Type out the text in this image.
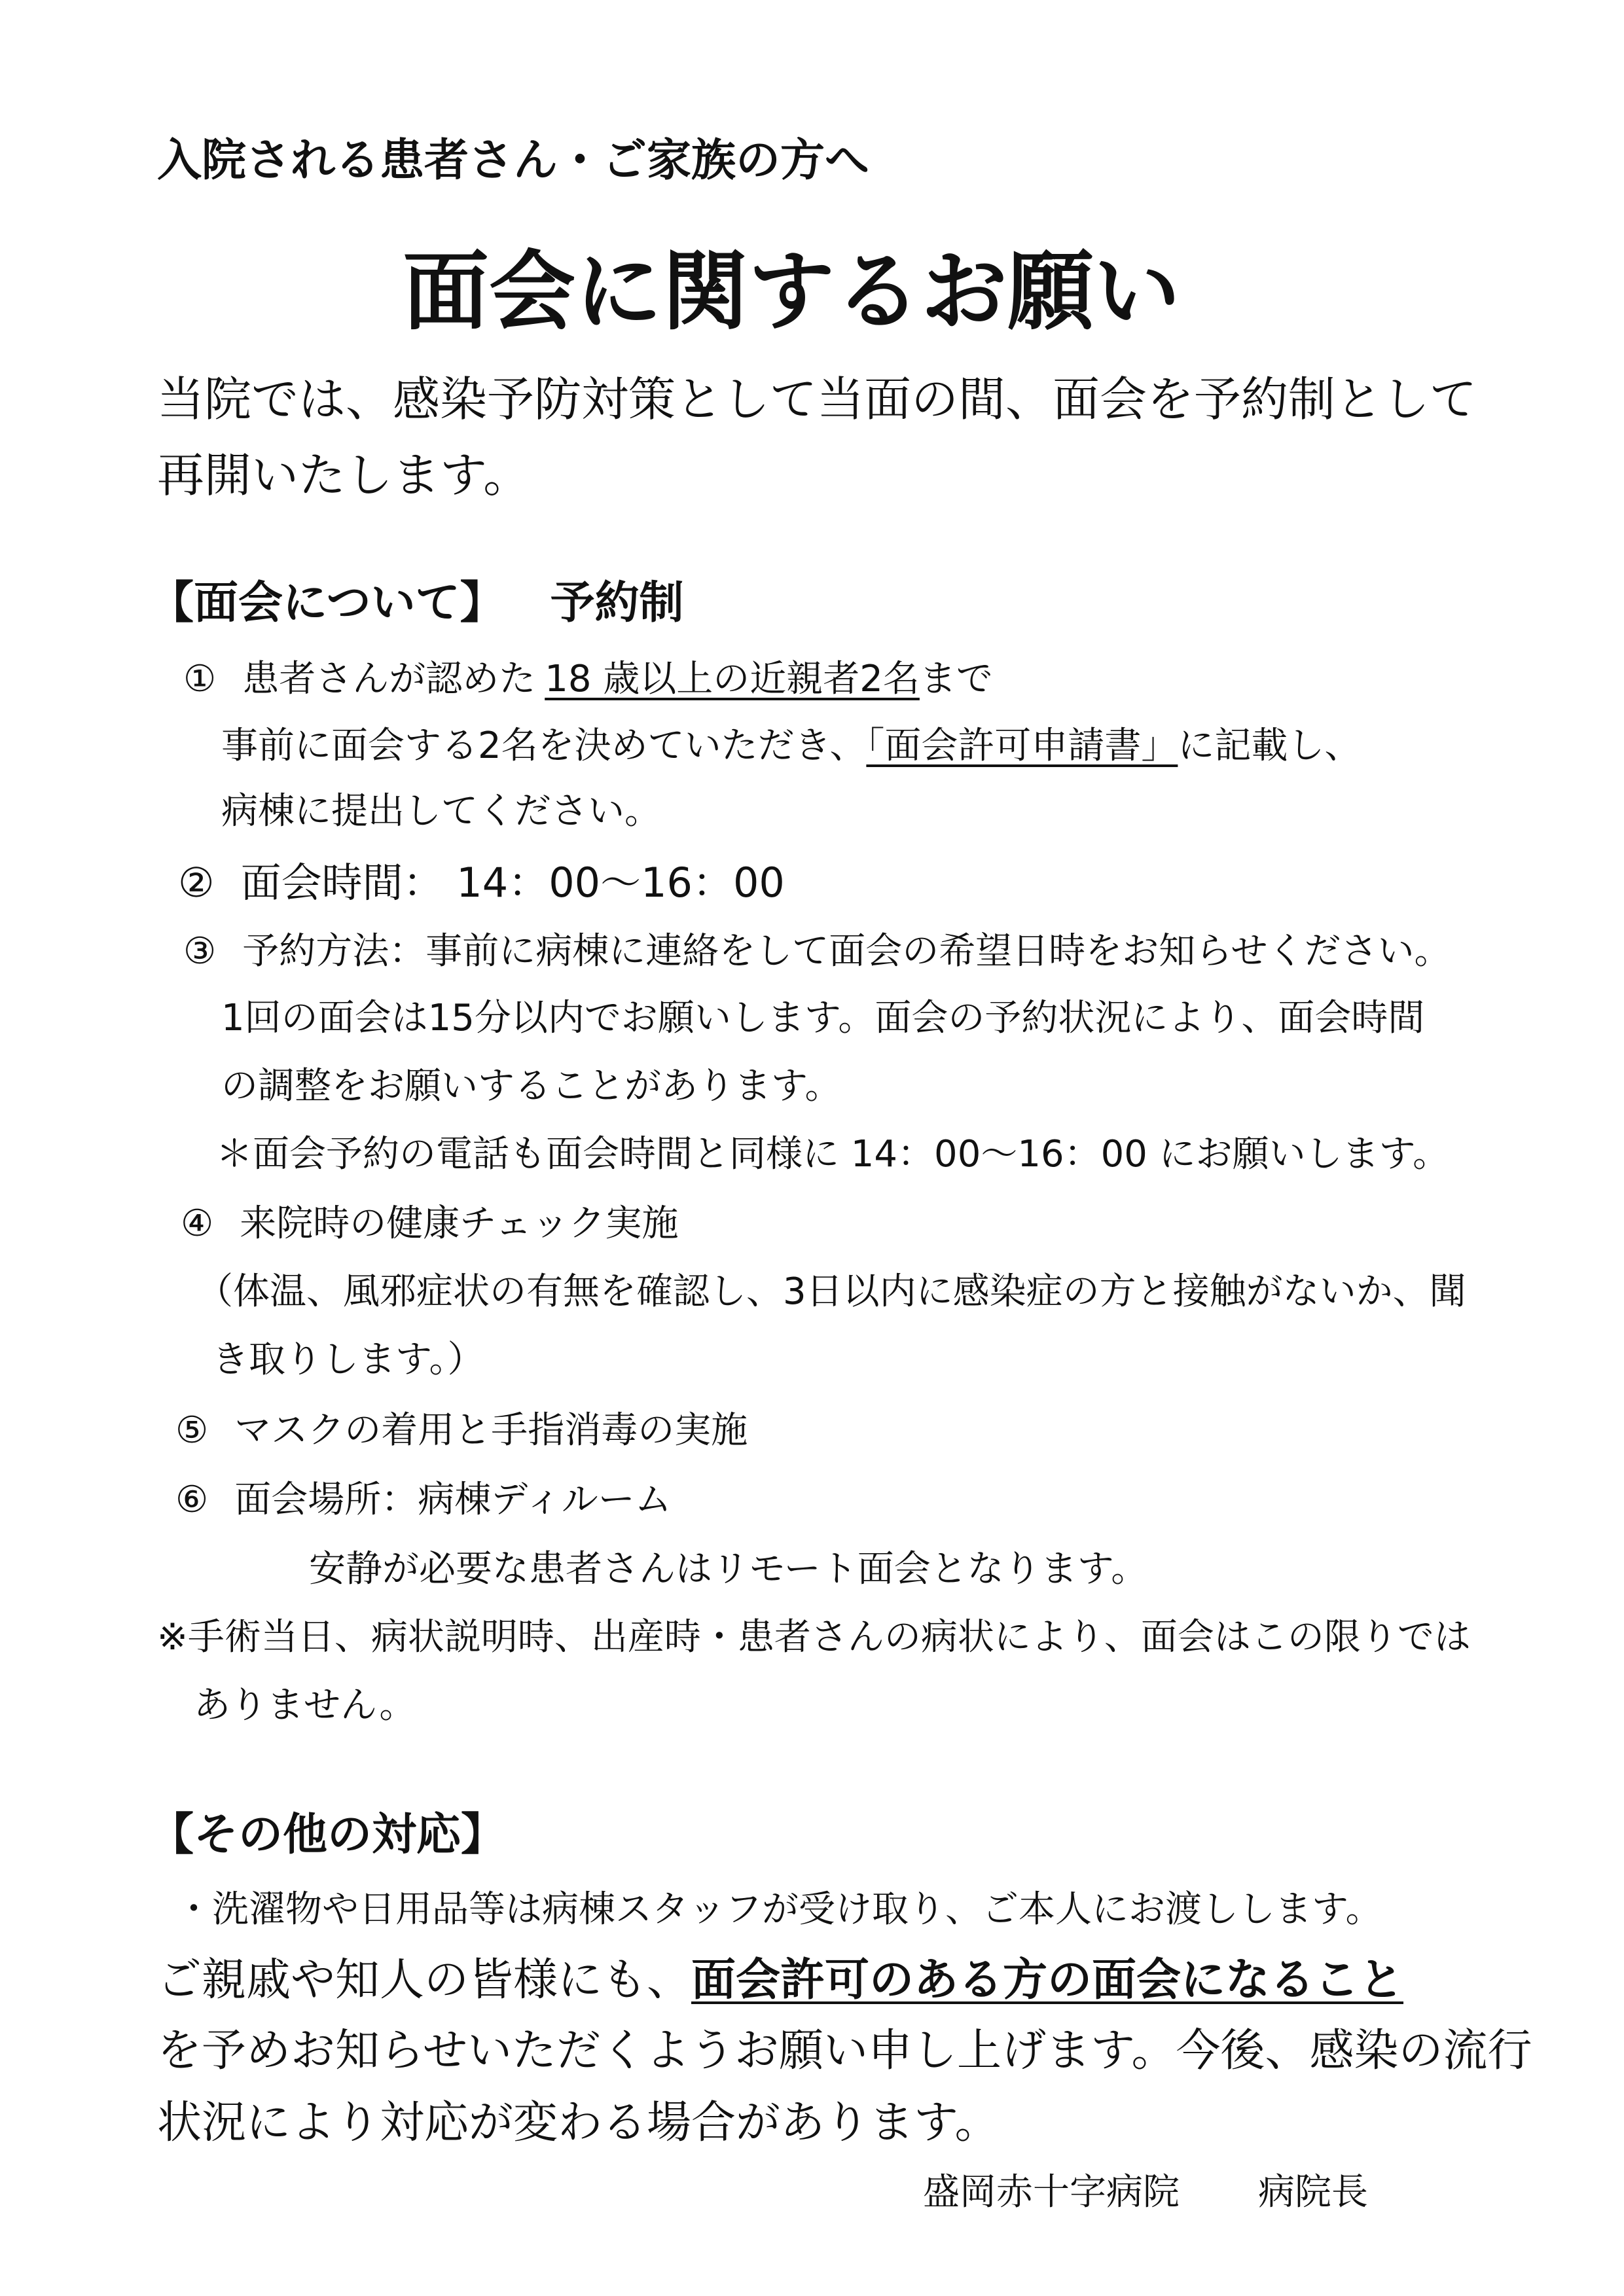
入院される患者さん・ご家族の方へ
面会に関するお願い
当院では、感染予防対策として当面の間、面会を予約制として
再開いたします。
【面会について】 予約制
① 患者さんが認めた 18 歳以上の近親者2名まで
事前に面会する2名を決めていただき、「面会許可申請書」に記載し、
病棟に提出してください。
② 面会時間： 14：00～16：00
③ 予約方法：事前に病棟に連絡をして面会の希望日時をお知らせください。
1回の面会は15分以内でお願いします。面会の予約状況により、面会時間
の調整をお願いすることがあります。
＊面会予約の電話も面会時間と同様に 14：00～16：00 にお願いします。
④ 来院時の健康チェック実施
（体温、風邪症状の有無を確認し、3日以内に感染症の方と接触がないか、聞
き取りします。）
⑤ マスクの着用と手指消毒の実施
⑥ 面会場所：病棟ディルーム
安静が必要な患者さんはリモート面会となります。
※手術当日、病状説明時、出産時・患者さんの病状により、面会はこの限りでは
ありません。
【その他の対応】
・洗濯物や日用品等は病棟スタッフが受け取り、ご本人にお渡しします。
ご親戚や知人の皆様にも、面会許可のある方の面会になること
を予めお知らせいただくようお願い申し上げます。今後、感染の流行
状況により対応が変わる場合があります。
盛岡赤十字病院 病院長
